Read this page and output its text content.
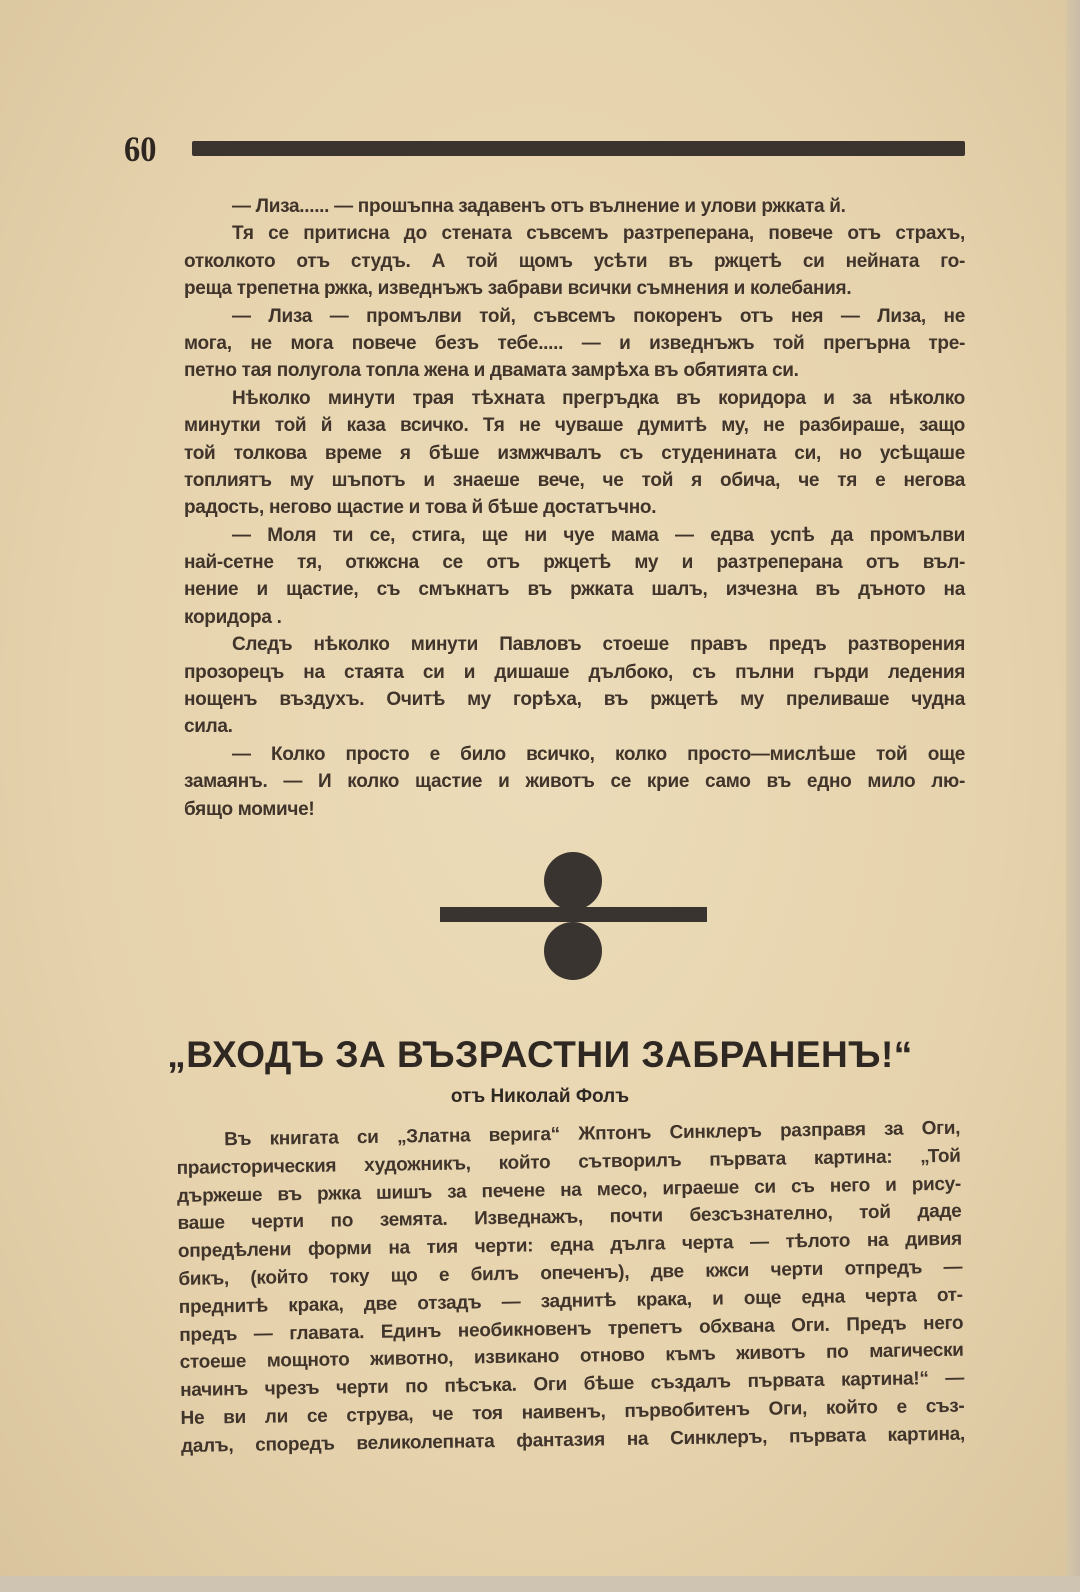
60
— Лиза...... — прошъпна задавенъ отъ вълнение и улови ржката й.
Тя се притисна до стената съвсемъ разтреперана, повече отъ страхъ,
отколкото отъ студъ. А той щомъ усѣти въ ржцетѣ си нейната го-
реща трепетна ржка, изведнъжъ забрави всички съмнения и колебания.
— Лиза — промълви той, съвсемъ покоренъ отъ нея — Лиза, не
мога, не мога повече безъ тебе..... — и изведнъжъ той прегърна тре-
петно тая полугола топла жена и двамата замрѣха въ обятията си.
Нѣколко минути трая тѣхната прегръдка въ коридора и за нѣколко
минутки той й каза всичко. Тя не чуваше думитѣ му, не разбираше, защо
той толкова време я бѣше измжчвалъ съ студенината си, но усѣщаше
топлиятъ му шъпотъ и знаеше вече, че той я обича, че тя е негова
радость, негово щастие и това й бѣше достатъчно.
— Моля ти се, стига, ще ни чуе мама — едва успѣ да промълви
най-сетне тя, откжсна се отъ ржцетѣ му и разтреперана отъ въл-
нение и щастие, съ смъкнатъ въ ржката шалъ, изчезна въ дъното на
коридора .
Следъ нѣколко минути Павловъ стоеше правъ предъ разтворения
прозорецъ на стаята си и дишаше дълбоко, съ пълни гърди ледения
нощенъ въздухъ. Очитѣ му горѣха, въ ржцетѣ му преливаше чудна
сила.
— Колко просто е било всичко, колко просто—мислѣше той още
замаянъ. — И колко щастие и животъ се крие само въ едно мило лю-
бящо момиче!
„ВХОДЪ ЗА ВЪЗРАСТНИ ЗАБРАНЕНЪ!“
отъ Николай Фолъ
Въ книгата си „Златна верига“ Жптонъ Синклеръ разправя за Оги,
праисторическия художникъ, който сътворилъ първата картина: „Той
държеше въ ржка шишъ за печене на месо, играеше си съ него и рису-
ваше черти по земята. Изведнажъ, почти безсъзнателно, той даде
опредѣлени форми на тия черти: една дълга черта — тѣлото на дивия
бикъ, (който току що е билъ опеченъ), две кжси черти отпредъ —
преднитѣ крака, две отзадъ — заднитѣ крака, и още една черта от-
предъ — главата. Единъ необикновенъ трепетъ обхвана Оги. Предъ него
стоеше мощното животно, извикано отново къмъ животъ по магически
начинъ чрезъ черти по пѣсъка. Оги бѣше създалъ първата картина!“ —
Не ви ли се струва, че тоя наивенъ, първобитенъ Оги, който е съз-
далъ, споредъ великолепната фантазия на Синклеръ, първата картина,
